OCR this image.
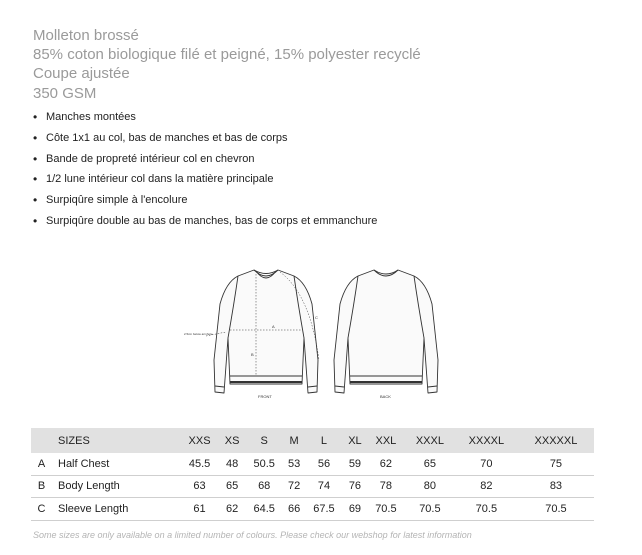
Molleton brossé
85% coton biologique filé et peigné, 15% polyester recyclé
Coupe ajustée
350 GSM
• Manches montées
• Côte 1x1 au col, bas de manches et bas de corps
• Bande de propreté intérieur col en chevron
• 1/2 lune intérieur col dans la matière principale
• Surpiqûre simple à l'encolure
• Surpiqûre double au bas de manches, bas de corps et emmanchure
A
B
C
2.5cm below armhole
FRONT	BACK
	SIZES	XXS	XS	S	M	L	XL	XXL	XXXL	XXXXL	XXXXXL
A	Half Chest	45.5	48	50.5	53	56	59	62	65	70	75
B	Body Length	63	65	68	72	74	76	78	80	82	83
C	Sleeve Length	61	62	64.5	66	67.5	69	70.5	70.5	70.5	70.5
Some sizes are only available on a limited number of colours. Please check our webshop for latest information
